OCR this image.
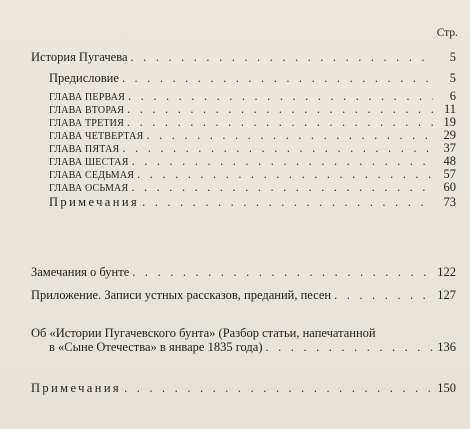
Стр.
История Пугачева . . .	5
Предисловие . . .	5
ГЛАВА ПЕРВАЯ . . .	6
ГЛАВА ВТОРАЯ . . .	11
ГЛАВА ТРЕТИЯ . . .	19
ГЛАВА ЧЕТВЕРТАЯ . . .	29
ГЛАВА ПЯТАЯ . . .	37
ГЛАВА ШЕСТАЯ . . .	48
ГЛАВА СЕДЬМАЯ . . .	57
ГЛАВА ОСЬМАЯ . . .	60
Примечания . . .	73
Замечания о бунте . . .	122
Приложение. Записи устных рассказов, преданий, песен . . .	127
Об «Истории Пугачевского бунта» (Разбор статьи, напечатанной
в «Сыне Отечества» в январе 1835 года) . . .	136
Примечания . . .	150
